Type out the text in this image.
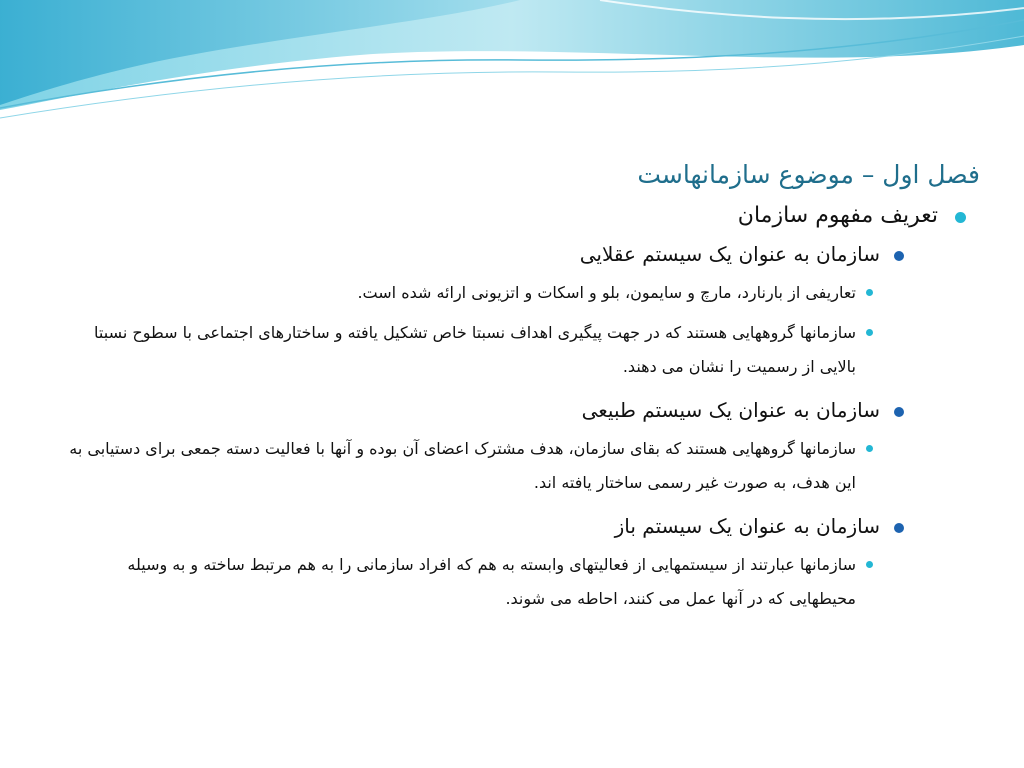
فصل اول – موضوع سازمانهاست
تعریف مفهوم سازمان
سازمان به عنوان یک سیستم عقلایی
تعاریفی از بارنارد، مارچ و سایمون، بلو و اسکات و اتزیونی ارائه شده است.
سازمانها گروههایی هستند که در جهت پیگیری اهداف نسبتا خاص تشکیل یافته و ساختارهای اجتماعی با سطوح نسبتا بالایی از رسمیت را نشان می دهند.
سازمان به عنوان یک سیستم طبیعی
سازمانها گروههایی هستند که بقای سازمان، هدف مشترک اعضای آن بوده و آنها با فعالیت دسته جمعی برای دستیابی به این هدف، به صورت غیر رسمی ساختار یافته اند.
سازمان به عنوان یک سیستم باز
سازمانها عبارتند از سیستمهایی از فعالیتهای وابسته به هم که افراد سازمانی را به هم مرتبط ساخته و به وسیله محیطهایی که در آنها عمل می کنند، احاطه می شوند.
